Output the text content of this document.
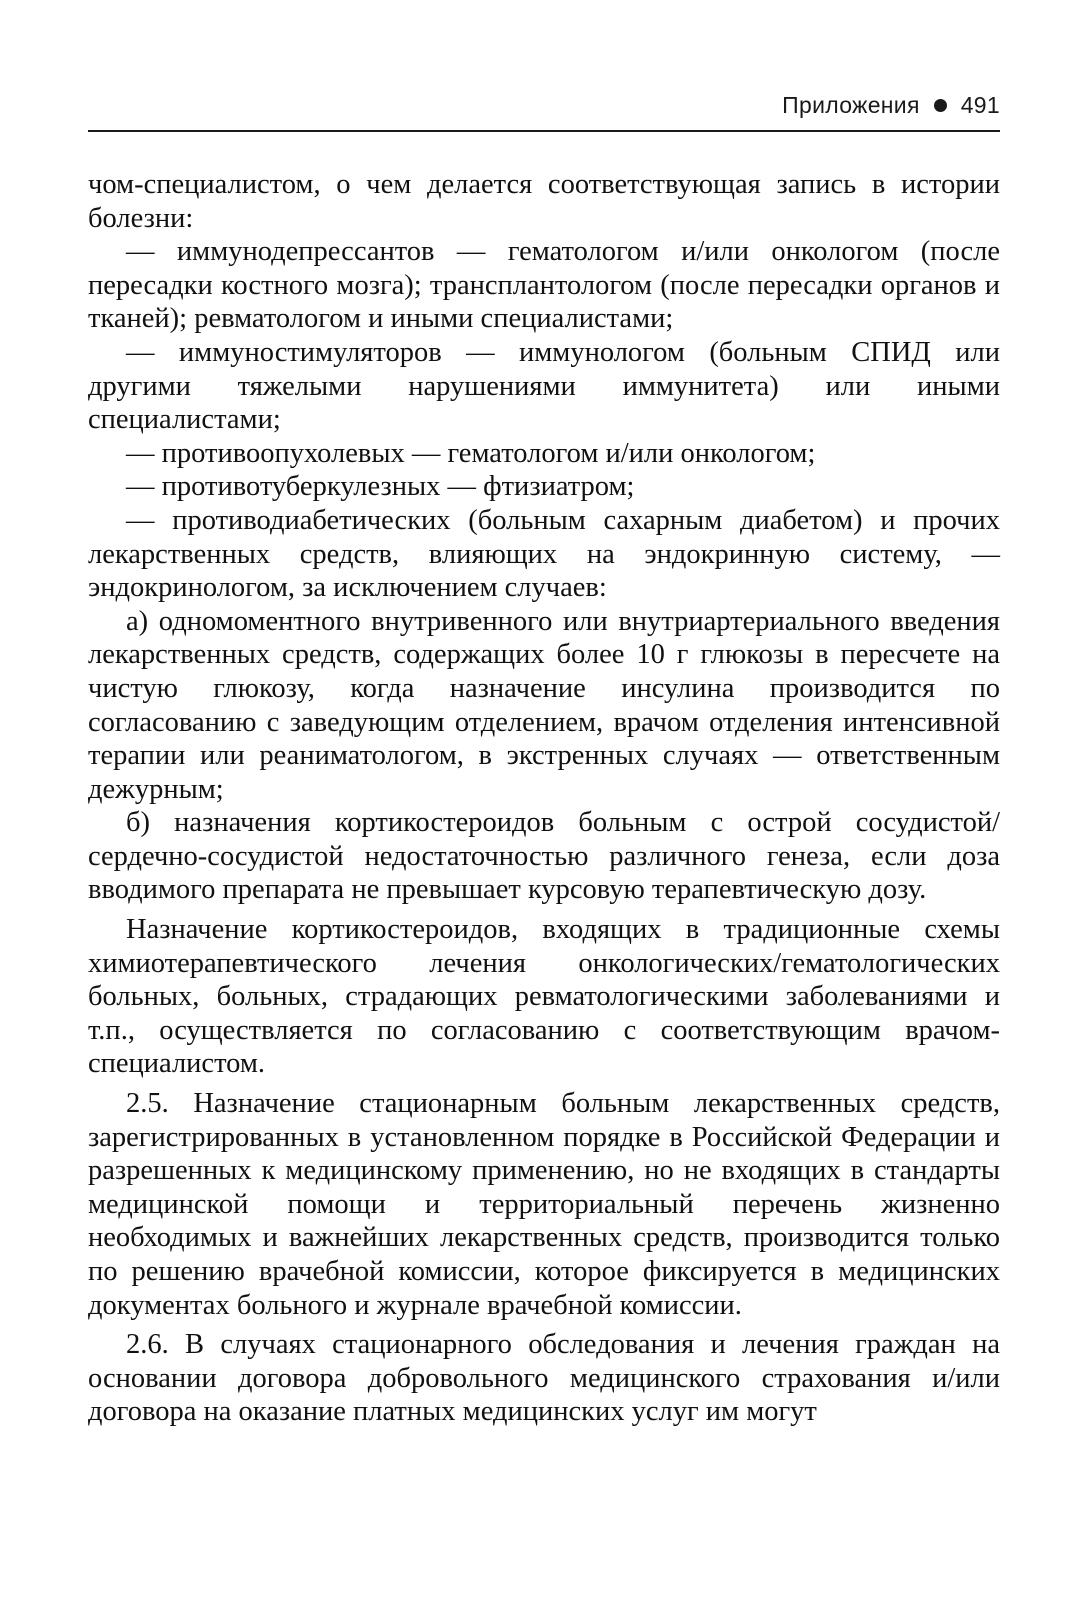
Приложения 491

чом-специалистом, о чем делается соответствующая запись в истории болезни:

— иммунодепрессантов — гематологом и/или онкологом (после пересадки костного мозга); трансплантологом (после пересадки органов и тканей); ревматологом и иными специалистами;

— иммуностимуляторов — иммунологом (больным СПИД или другими тяжелыми нарушениями иммунитета) или иными специалистами;

— противоопухолевых — гематологом и/или онкологом;

— противотуберкулезных — фтизиатром;

— противодиабетических (больным сахарным диабетом) и прочих лекарственных средств, влияющих на эндокринную систему, — эндокринологом, за исключением случаев:

а) одномоментного внутривенного или внутриартериального введения лекарственных средств, содержащих более 10 г глюкозы в пересчете на чистую глюкозу, когда назначение инсулина производится по согласованию с заведующим отделением, врачом отделения интенсивной терапии или реаниматологом, в экстренных случаях — ответственным дежурным;

б) назначения кортикостероидов больным с острой сосудистой/сердечно-сосудистой недостаточностью различного генеза, если доза вводимого препарата не превышает курсовую терапевтическую дозу.

Назначение кортикостероидов, входящих в традиционные схемы химиотерапевтического лечения онкологических/гематологических больных, больных, страдающих ревматологическими заболеваниями и т.п., осуществляется по согласованию с соответствующим врачом-специалистом.

2.5. Назначение стационарным больным лекарственных средств, зарегистрированных в установленном порядке в Российской Федерации и разрешенных к медицинскому применению, но не входящих в стандарты медицинской помощи и территориальный перечень жизненно необходимых и важнейших лекарственных средств, производится только по решению врачебной комиссии, которое фиксируется в медицинских документах больного и журнале врачебной комиссии.

2.6. В случаях стационарного обследования и лечения граждан на основании договора добровольного медицинского страхования и/или договора на оказание платных медицинских услуг им могут
